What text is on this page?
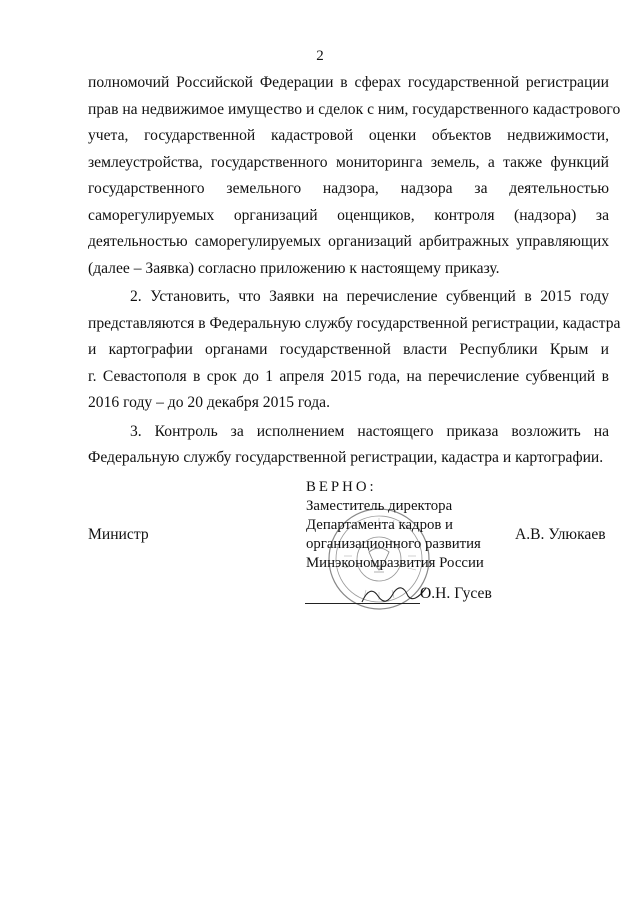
2
полномочий Российской Федерации в сферах государственной регистрации
прав на недвижимое имущество и сделок с ним, государственного кадастрового
учета, государственной кадастровой оценки объектов недвижимости,
землеустройства, государственного мониторинга земель, а также функций
государственного земельного надзора, надзора за деятельностью
саморегулируемых организаций оценщиков, контроля (надзора) за
деятельностью саморегулируемых организаций арбитражных управляющих
(далее – Заявка) согласно приложению к настоящему приказу.
2. Установить, что Заявки на перечисление субвенций в 2015 году
представляются в Федеральную службу государственной регистрации, кадастра
и картографии органами государственной власти Республики Крым и
г. Севастополя в срок до 1 апреля 2015 года, на перечисление субвенций в
2016 году – до 20 декабря 2015 года.
3. Контроль за исполнением настоящего приказа возложить на
Федеральную службу государственной регистрации, кадастра и картографии.
ВЕРНО:
Заместитель директора
Департамента кадров и
организационного развития
Минэкономразвития России
Министр	А.В. Улюкаев
О.Н. Гусев
